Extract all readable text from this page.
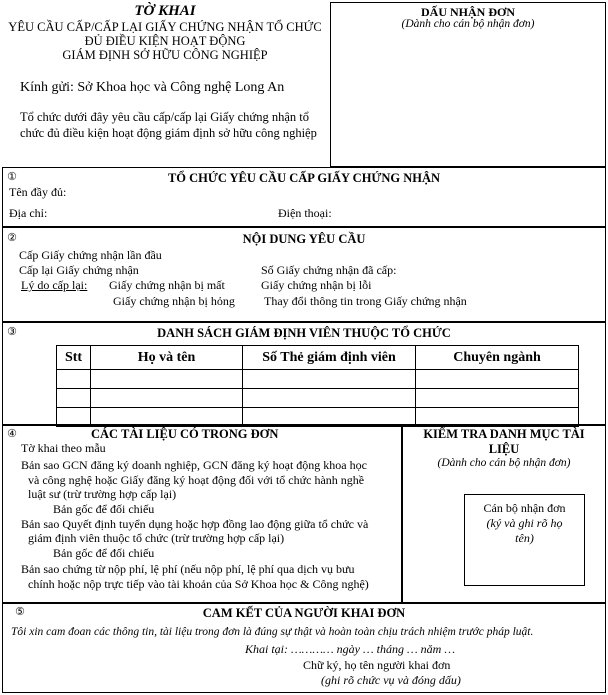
TỜ KHAI
YÊU CẦU CẤP/CẤP LẠI GIẤY CHỨNG NHẬN TỔ CHỨC
ĐỦ ĐIỀU KIỆN HOẠT ĐỘNG
GIÁM ĐỊNH SỞ HỮU CÔNG NGHIỆP
Kính gửi: Sở Khoa học và Công nghệ Long An
Tổ chức dưới đây yêu cầu cấp/cấp lại Giấy chứng nhận tổ
chức đủ điều kiện hoạt động giám định sở hữu công nghiệp
DẤU NHẬN ĐƠN
(Dành cho cán bộ nhận đơn)
①	TỔ CHỨC YÊU CẦU CẤP GIẤY CHỨNG NHẬN
Tên đầy đủ:
Địa chỉ:	Điện thoại:
②	NỘI DUNG YÊU CẦU
Cấp Giấy chứng nhận lần đầu
Cấp lại Giấy chứng nhận	Số Giấy chứng nhận đã cấp:
Lý do cấp lại: Giấy chứng nhận bị mất	Giấy chứng nhận bị lỗi
Giấy chứng nhận bị hỏng Thay đổi thông tin trong Giấy chứng nhận
③	DANH SÁCH GIÁM ĐỊNH VIÊN THUỘC TỔ CHỨC
Stt	Họ và tên	Số Thẻ giám định viên	Chuyên ngành

④	CÁC TÀI LIỆU CÓ TRONG ĐƠN
Tờ khai theo mẫu
Bản sao GCN đăng ký doanh nghiệp, GCN đăng ký hoạt động khoa học
và công nghệ hoặc Giấy đăng ký hoạt động đối với tổ chức hành nghề
luật sư (trừ trường hợp cấp lại)
Bản gốc để đối chiếu
Bản sao Quyết định tuyển dụng hoặc hợp đồng lao động giữa tổ chức và
giám định viên thuộc tổ chức (trừ trường hợp cấp lại)
Bản gốc để đối chiếu
Bản sao chứng từ nộp phí, lệ phí (nếu nộp phí, lệ phí qua dịch vụ bưu
chính hoặc nộp trực tiếp vào tài khoản của Sở Khoa học & Công nghệ)
KIỂM TRA DANH MỤC TÀI
LIỆU
(Dành cho cán bộ nhận đơn)
Cán bộ nhận đơn
(ký và ghi rõ họ
tên)
⑤	CAM KẾT CỦA NGƯỜI KHAI ĐƠN
Tôi xin cam đoan các thông tin, tài liệu trong đơn là đúng sự thật và hoàn toàn chịu trách nhiệm trước pháp luật.
Khai tại: ………… ngày … tháng … năm …
Chữ ký, họ tên người khai đơn
(ghi rõ chức vụ và đóng dấu)
